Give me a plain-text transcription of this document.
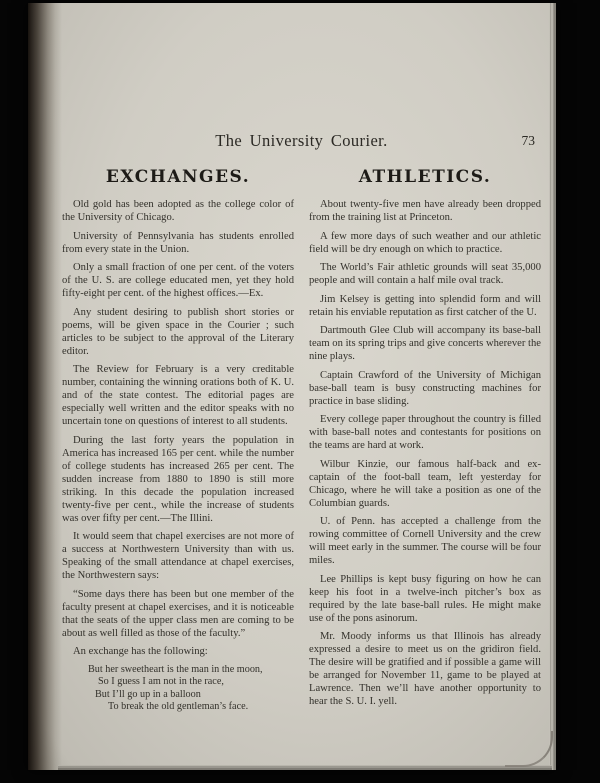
The University Courier.	73
EXCHANGES.

Old gold has been adopted as the college color of the University of Chicago.

University of Pennsylvania has students enrolled from every state in the Union.

Only a small fraction of one per cent. of the voters of the U. S. are college educated men, yet they hold fifty-eight per cent. of the highest offices.—Ex.

Any student desiring to publish short stories or poems, will be given space in the Courier ; such articles to be subject to the approval of the Literary editor.

The Review for February is a very creditable number, containing the winning orations both of K. U. and of the state contest. The editorial pages are especially well written and the editor speaks with no uncertain tone on questions of interest to all students.

During the last forty years the population in America has increased 165 per cent. while the number of college students has increased 265 per cent. The sudden increase from 1880 to 1890 is still more striking. In this decade the population increased twenty-five per cent., while the increase of students was over fifty per cent.—The Illini.

It would seem that chapel exercises are not more of a success at Northwestern University than with us. Speaking of the small attendance at chapel exercises, the Northwestern says:

“Some days there has been but one member of the faculty present at chapel exercises, and it is noticeable that the seats of the upper class men are coming to be about as well filled as those of the faculty.”

An exchange has the following:

But her sweetheart is the man in the moon,
So I guess I am not in the race,
But I’ll go up in a balloon
To break the old gentleman’s face.
ATHLETICS.

About twenty-five men have already been dropped from the training list at Princeton.

A few more days of such weather and our athletic field will be dry enough on which to practice.

The World’s Fair athletic grounds will seat 35,000 people and will contain a half mile oval track.

Jim Kelsey is getting into splendid form and will retain his enviable reputation as first catcher of the U.

Dartmouth Glee Club will accompany its base-ball team on its spring trips and give concerts wherever the nine plays.

Captain Crawford of the University of Michigan base-ball team is busy constructing machines for practice in base sliding.

Every college paper throughout the country is filled with base-ball notes and contestants for positions on the teams are hard at work.

Wilbur Kinzie, our famous half-back and ex-captain of the foot-ball team, left yesterday for Chicago, where he will take a position as one of the Columbian guards.

U. of Penn. has accepted a challenge from the rowing committee of Cornell University and the crew will meet early in the summer. The course will be four miles.

Lee Phillips is kept busy figuring on how he can keep his foot in a twelve-inch pitcher’s box as required by the late base-ball rules. He might make use of the pons asinorum.

Mr. Moody informs us that Illinois has already expressed a desire to meet us on the gridiron field. The desire will be gratified and if possible a game will be arranged for November 11, game to be played at Lawrence. Then we’ll have another opportunity to hear the S. U. I. yell.
